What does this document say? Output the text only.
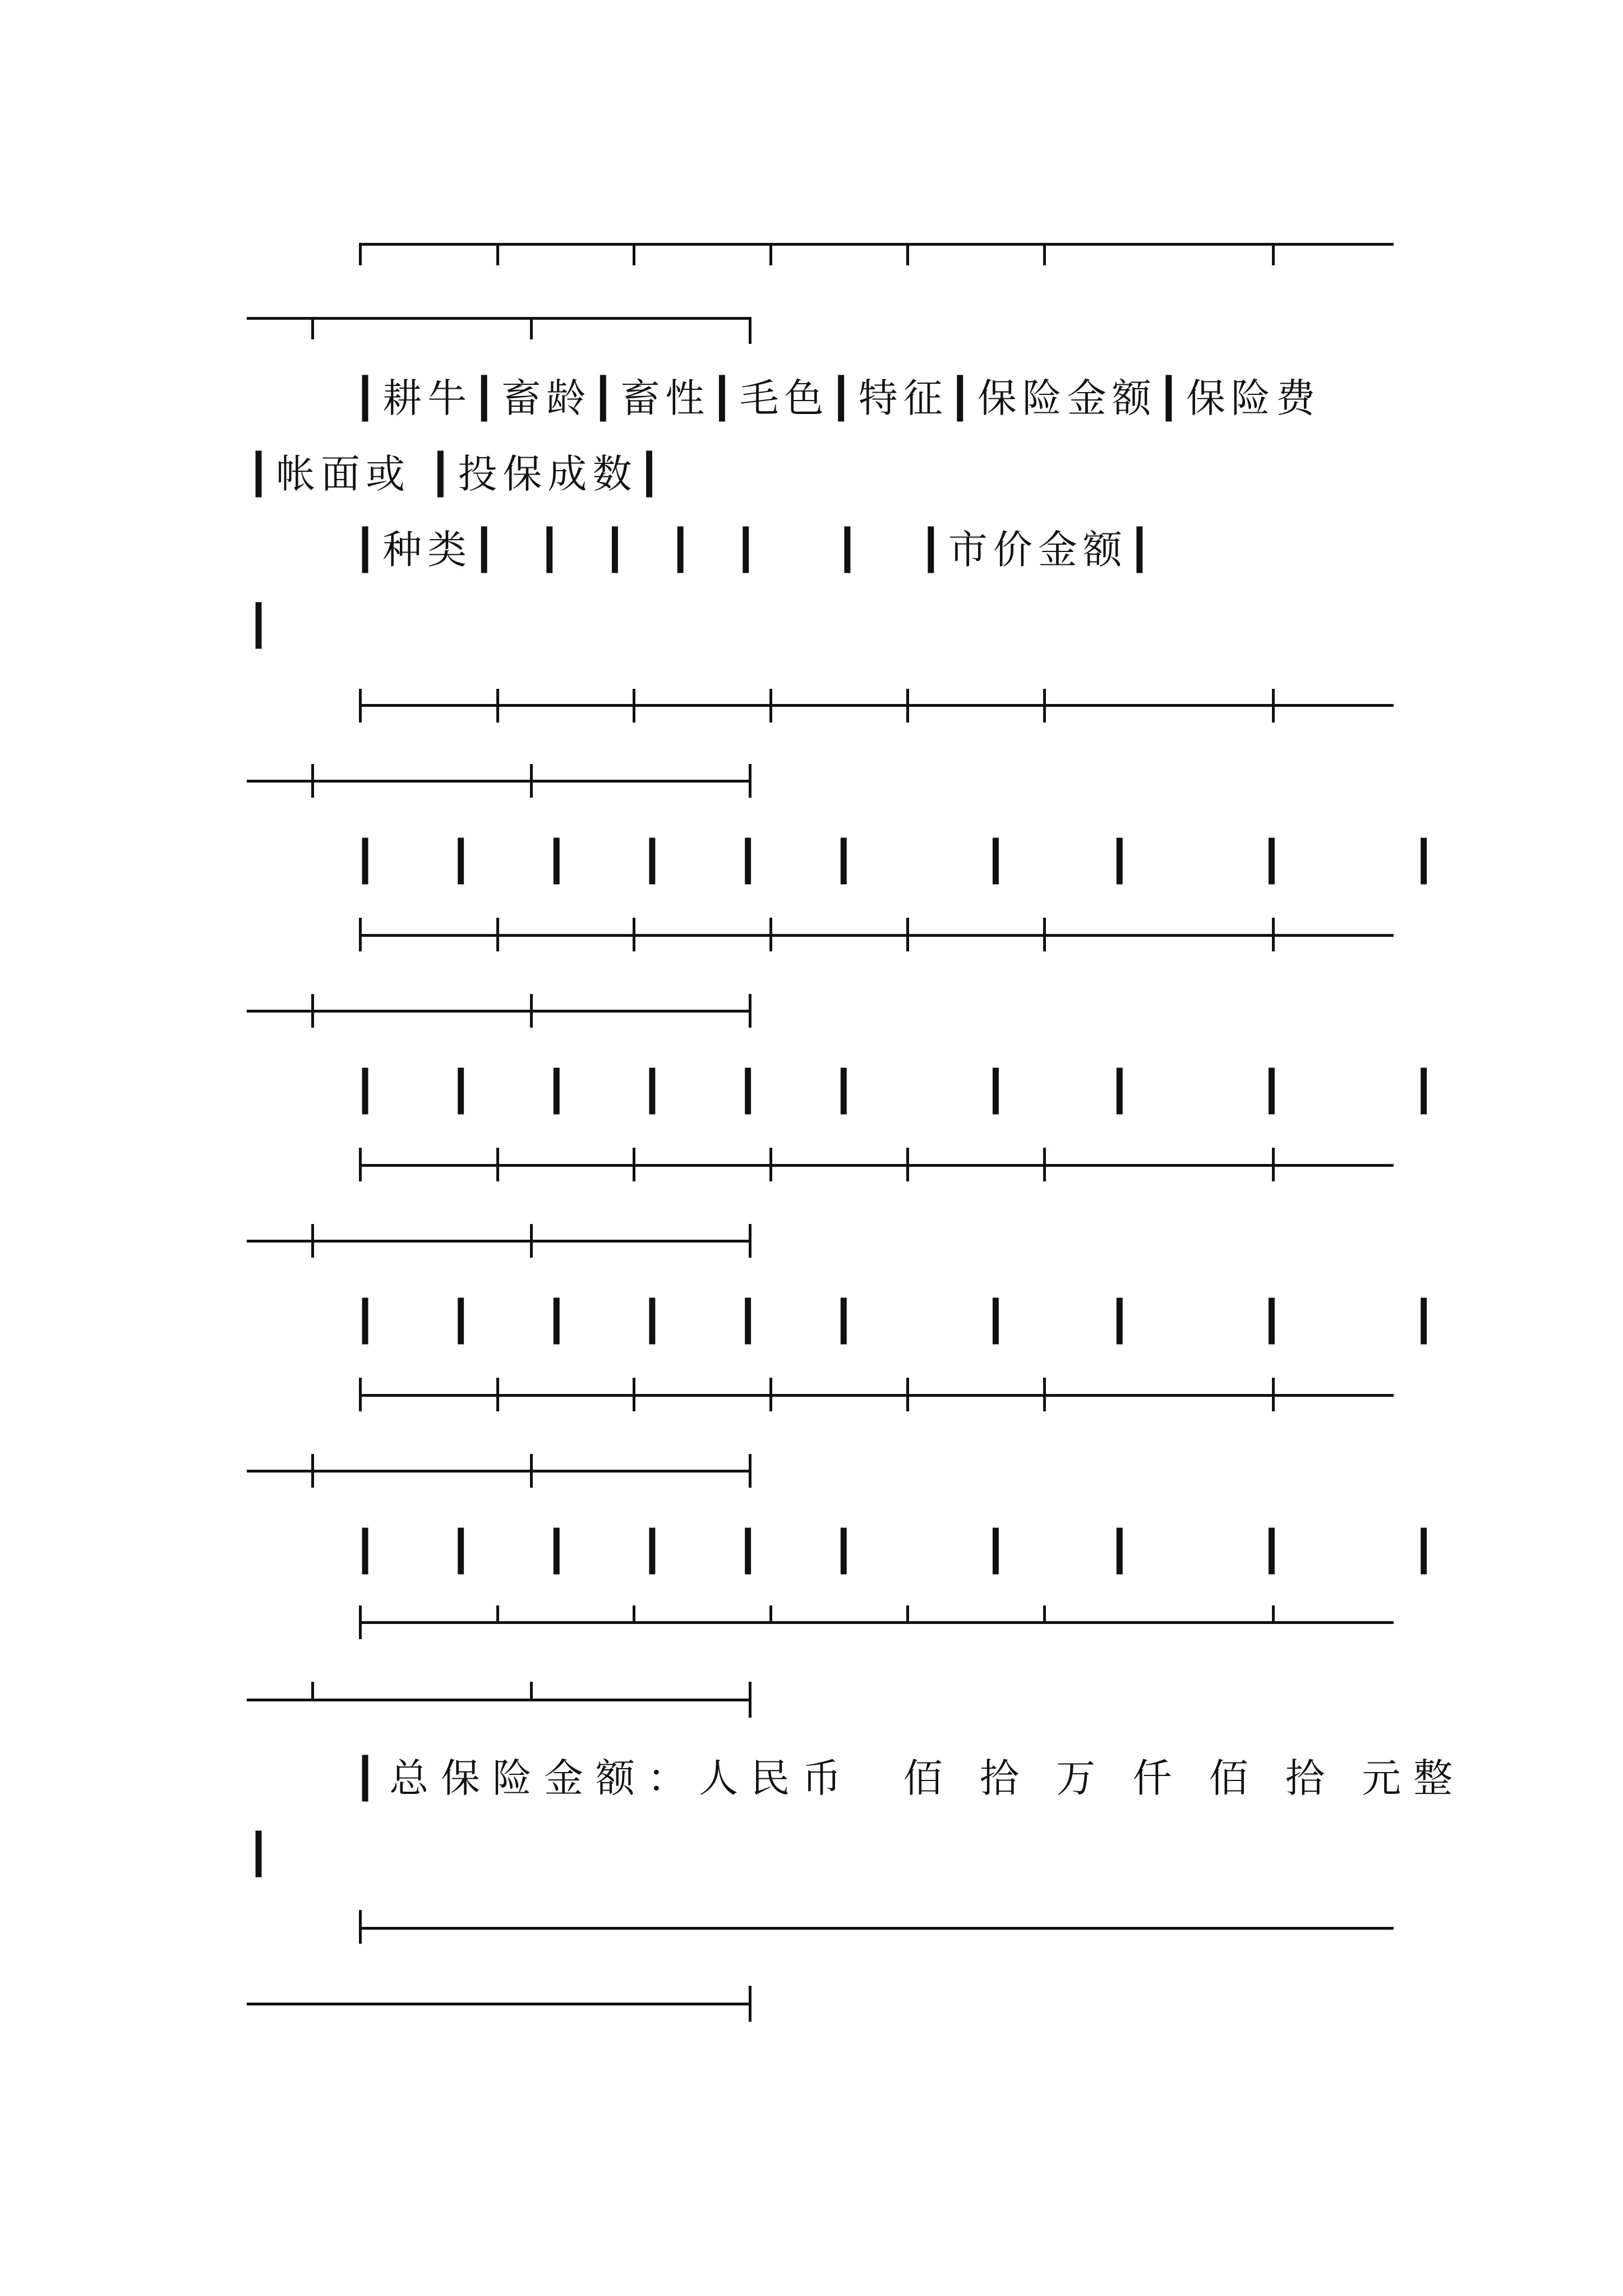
┃耕牛┃畜龄┃畜性┃毛色┃特征┃保险金额┃保险费

┃帐面或 ┃投保成数┃

┃种类┃  ┃  ┃  ┃  ┃    ┃   ┃市价金额┃

┃

┃  ┃  ┃  ┃  ┃  ┃    ┃   ┃    ┃    ┃

┃  ┃  ┃  ┃  ┃  ┃    ┃   ┃    ┃    ┃

┃  ┃  ┃  ┃  ┃  ┃    ┃   ┃    ┃    ┃

┃  ┃  ┃  ┃  ┃  ┃    ┃   ┃    ┃    ┃

┃总保险金额：人民币  佰 拾 万 仟 佰 拾 元整

┃
